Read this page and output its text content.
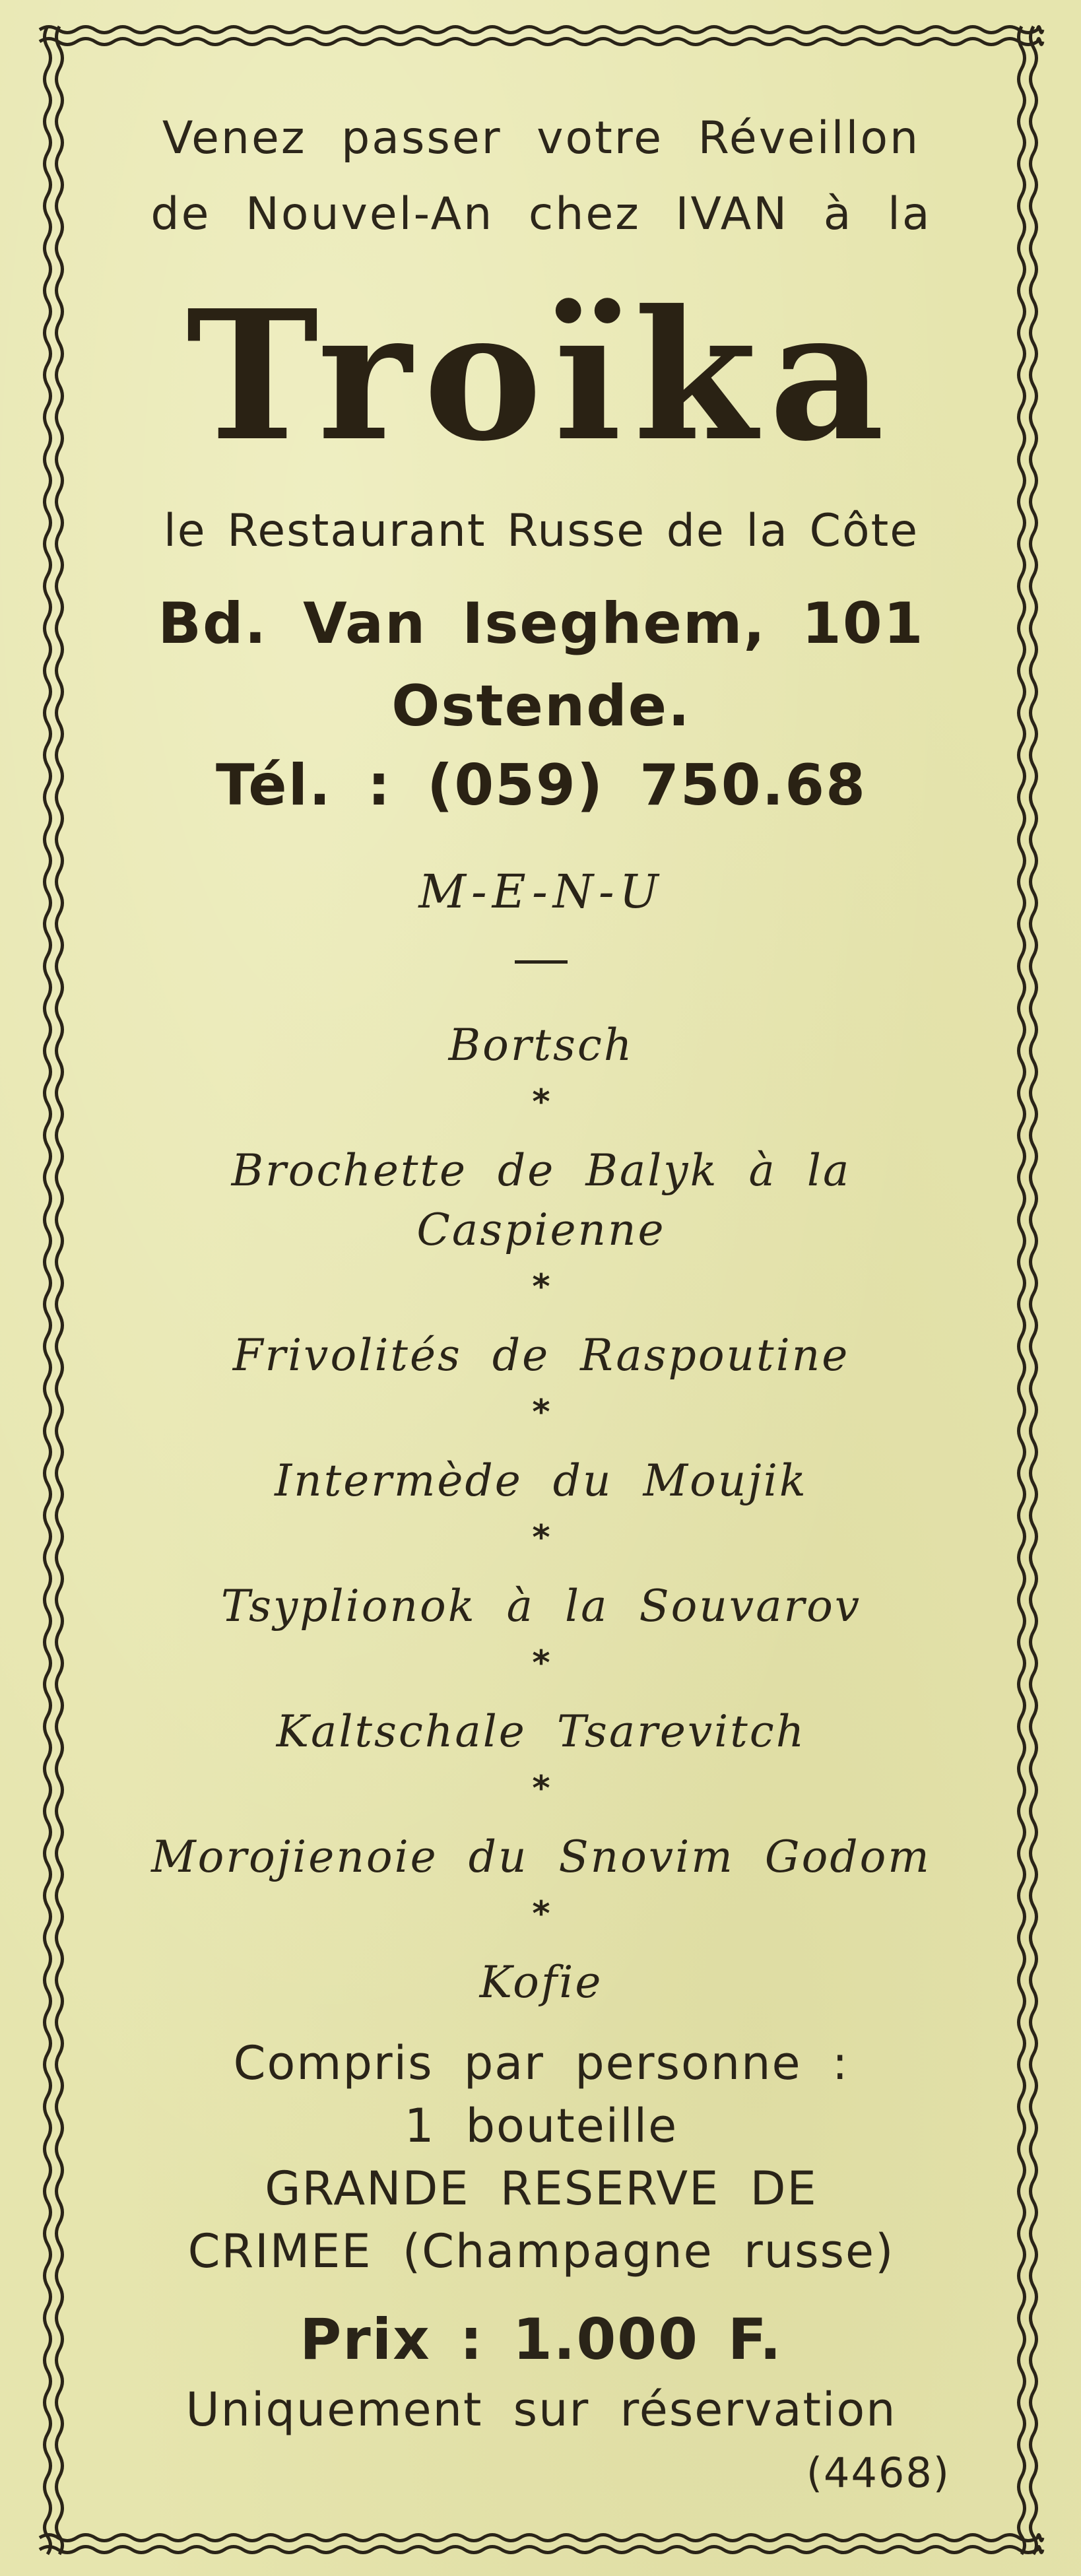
Venez passer votre Réveillon
de Nouvel-An chez IVAN à la
Troïka
le Restaurant Russe de la Côte
Bd. Van Iseghem, 101
Ostende.
Tél. : (059) 750.68
M-E-N-U
Bortsch
*
Brochette de Balyk à la
Caspienne
*
Frivolités de Raspoutine
*
Intermède du Moujik
*
Tsyplionok à la Souvarov
*
Kaltschale Tsarevitch
*
Morojienoie du Snovim Godom
*
Kofie
Compris par personne :
1 bouteille
GRANDE RESERVE DE
CRIMEE (Champagne russe)
Prix : 1.000 F.
Uniquement sur réservation
(4468)
